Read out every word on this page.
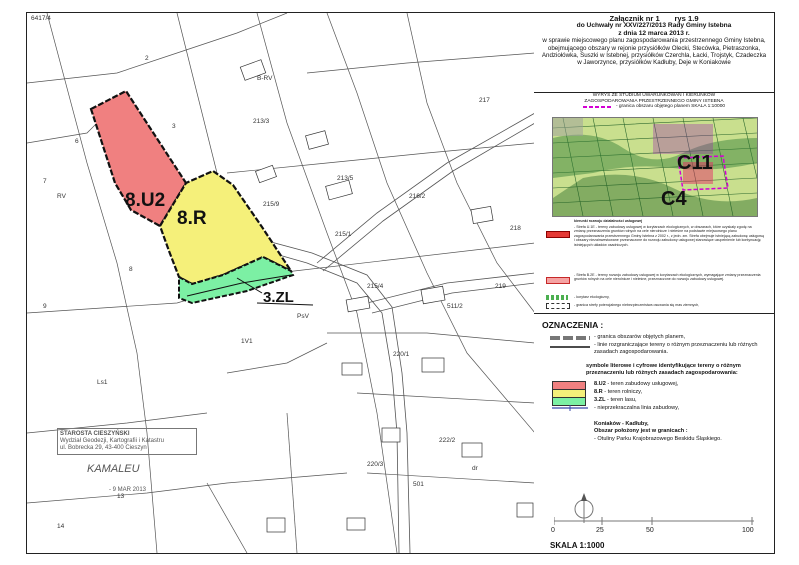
8.U2
8.R
3.ZL
6417/4
B-RV
2
3
6
7
8
9
RV
213/3
213/5
216/2
217
218
219
215/1
215/9
215/4
511/2
220/1
222/2
220/3
501
13
14
1V1
PsV
Ls1
dr
STAROSTA CIESZYŃSKI
Wydział Geodezji, Kartografii i Katastru
ul. Bobrecka 29, 43-400 Cieszyn
KAMALEU
- 9 MAR 2013
Załącznik nr 1 rys 1.9
do Uchwały nr XXV/227/2013 Rady Gminy Istebna
z dnia 12 marca 2013 r.
w sprawie miejscowego planu zagospodarowania przestrzennego Gminy Istebna, obejmującego obszary w rejonie przysiółków Olecki, Stecówka, Pietraszonka, Andziołówka, Suszki w Istebnej, przysiółków Czerchla, Łacki, Trojstyk, Czadeczka w Jaworzynce, przysiółków Kadłuby, Deje w Koniakowie
WYRYS ZE STUDIUM UWARUNKOWAŃ I KIERUNKÓW ZAGOSPODAROWANIA PRZESTRZENNEGO GMINY ISTEBNA
- granica obszaru objętego planem SKALA 1:10000
C11
C4
kierunki rozwoju działalności usługowej
- Strefa U.1E - tereny zabudowy usługowej w korytarzach ekologicznych, w obszarach, które uzyskały zgodę na zmianę przeznaczenia gruntów rolnych na cele nierolnicze i nieleśne na podstawie miejscowego planu zagospodarowania przestrzennego Gminy Istebna z 2002 r., z jedn. zm. Strefa obejmuje istniejącą zabudowę usługową i obszary niezainwestowane przeznaczone do rozwoju zabudowy usługowej stanowiące uzupełnienie lub kontynuację istniejących układów osadniczych.
- Strefa B.2E - tereny rozwoju zabudowy usługowej w korytarzach ekologicznych, wymagające zmiany przeznaczenia gruntów rolnych na cele nierolnicze i nieleśne, przeznaczone do rozwoju zabudowy usługowej.
- korytarz ekologiczny,
- granica strefy potencjalnego niebezpieczeństwa osuwania się mas ziemnych,
OZNACZENIA :
- granica obszarów objętych planem,
- linie rozgraniczające tereny o różnym przeznaczeniu lub różnych zasadach zagospodarowania.
symbole literowe i cyfrowe identyfikujące tereny o różnym przeznaczeniu lub różnych zasadach zagospodarowania:
8.U2 - teren zabudowy usługowej,
8.R - teren rolniczy,
3.ZL - teren lasu,
- nieprzekraczalna linia zabudowy,
Koniaków - Kadłuby,
Obszar położony jest w granicach :
- Otuliny Parku Krajobrazowego Beskidu Śląskiego.
0	25	50	100
SKALA 1:1000
